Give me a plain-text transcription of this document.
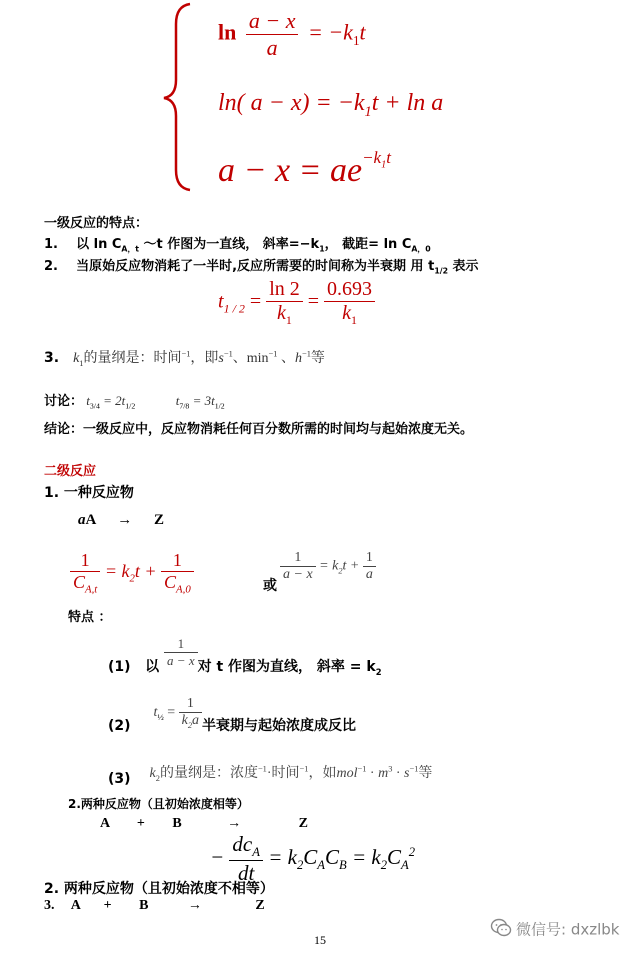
$\ln \frac{a - x}{a} = -k_1t$
ln( $a - x) = -k_1t + \ln a$
$a - x = ae^{-k_1t}$
一级反应的特点：
1. 以 $\ln C_{A,t}$ ～t 作图为一直线， 斜率$=-k_1$， 截距= $\ln C_{A,0}$
2. 当原始反应物消耗了一半时,反应所需要的时间称为半衰期 用 $t_{1/2}$ 表示
$t_{1 / 2} = \frac{\ln 2}{k_1} = \frac{0.693}{k_1}$
3. $k_1$的量纲是：时间$^{-1}$，即$s^{-1}$、$\min^{-1}$ 、$h^{-1}$等
讨论： $t_{3/4} = 2t_{1/2}$	$t_{7/8} = 3t_{1/2}$
结论：一级反应中，反应物消耗任何百分数所需的时间均与起始浓度无关。
二级反应
1. 一种反应物
aA → Z
$\frac{1}{C_{A,t}} = k_2t + \frac{1}{C_{A,0}}$	或
$\frac{1}{a - x} = k_2t + \frac{1}{a}$
特点 ：
(1) 以 $\frac{1}{a - x}$ 对 t 作图为直线， 斜率 = $k_2$
(2)  $t_{\frac{1}{2}} = \frac{1}{k_2a}$ 半衰期与起始浓度成反比
(3) $k_2$的量纲是：浓度$^{-1}$·时间$^{-1}$，如$mol^{-1} \cdot m^3 \cdot s^{-1}$等
2.两种反应物（且初始浓度相等）
A + B	→	Z
− $\frac{dc_A}{dt} = k_2C_AC_B = k_2C_A^2$
2. 两种反应物（且初始浓度不相等）
3. A + B	→	Z
15
微信号: dxzlbk
